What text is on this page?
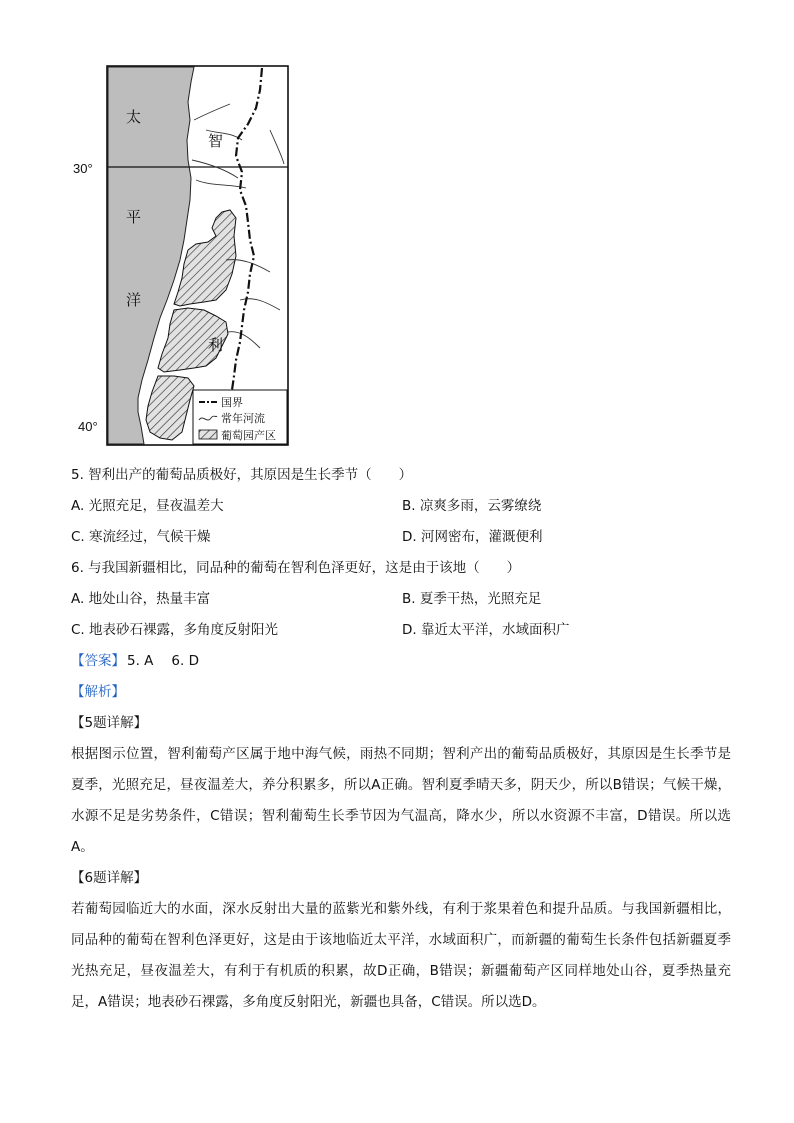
太
平
洋
智
利
30°
40°
国界
常年河流
葡萄园产区

5. 智利出产的葡萄品质极好，其原因是生长季节（　　）

A. 光照充足，昼夜温差大	B. 凉爽多雨，云雾缭绕
C. 寒流经过，气候干燥	D. 河网密布，灌溉便利

6. 与我国新疆相比，同品种的葡萄在智利色泽更好，这是由于该地（　　）

A. 地处山谷，热量丰富	B. 夏季干热，光照充足
C. 地表砂石裸露，多角度反射阳光	D. 靠近太平洋，水域面积广

【答案】 5. A 6. D

【解析】

【5题详解】

根据图示位置，智利葡萄产区属于地中海气候，雨热不同期；智利产出的葡萄品质极好，其原因是生长季节是夏季，光照充足，昼夜温差大，养分积累多，所以A正确。智利夏季晴天多，阴天少，所以B错误；气候干燥，水源不足是劣势条件，C错误；智利葡萄生长季节因为气温高，降水少，所以水资源不丰富，D错误。所以选A。

【6题详解】

若葡萄园临近大的水面，深水反射出大量的蓝紫光和紫外线，有利于浆果着色和提升品质。与我国新疆相比，同品种的葡萄在智利色泽更好，这是由于该地临近太平洋，水域面积广，而新疆的葡萄生长条件包括新疆夏季光热充足，昼夜温差大，有利于有机质的积累，故D正确，B错误；新疆葡萄产区同样地处山谷，夏季热量充足，A错误；地表砂石裸露，多角度反射阳光，新疆也具备，C错误。所以选D。
